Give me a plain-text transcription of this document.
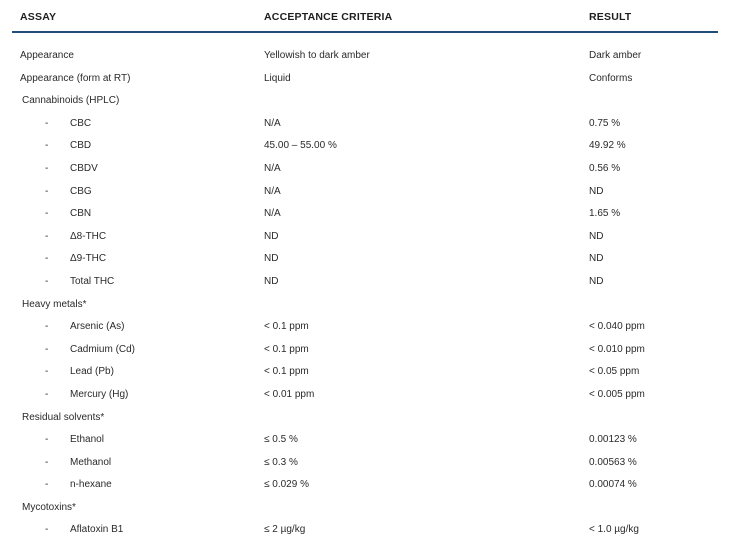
ASSAY	ACCEPTANCE CRITERIA	RESULT
Appearance	Yellowish to dark amber	Dark amber
Appearance (form at RT)	Liquid	Conforms
Cannabinoids (HPLC)
- CBC	N/A	0.75 %
- CBD	45.00 – 55.00 %	49.92 %
- CBDV	N/A	0.56 %
- CBG	N/A	ND
- CBN	N/A	1.65 %
- Δ8-THC	ND	ND
- Δ9-THC	ND	ND
- Total THC	ND	ND
Heavy metals*
- Arsenic (As)	< 0.1 ppm	< 0.040 ppm
- Cadmium (Cd)	< 0.1 ppm	< 0.010 ppm
- Lead (Pb)	< 0.1 ppm	< 0.05 ppm
- Mercury (Hg)	< 0.01 ppm	< 0.005 ppm
Residual solvents*
- Ethanol	≤ 0.5 %	0.00123 %
- Methanol	≤ 0.3 %	0.00563 %
- n-hexane	≤ 0.029 %	0.00074 %
Mycotoxins*
- Aflatoxin B1	≤ 2 µg/kg	< 1.0 µg/kg
